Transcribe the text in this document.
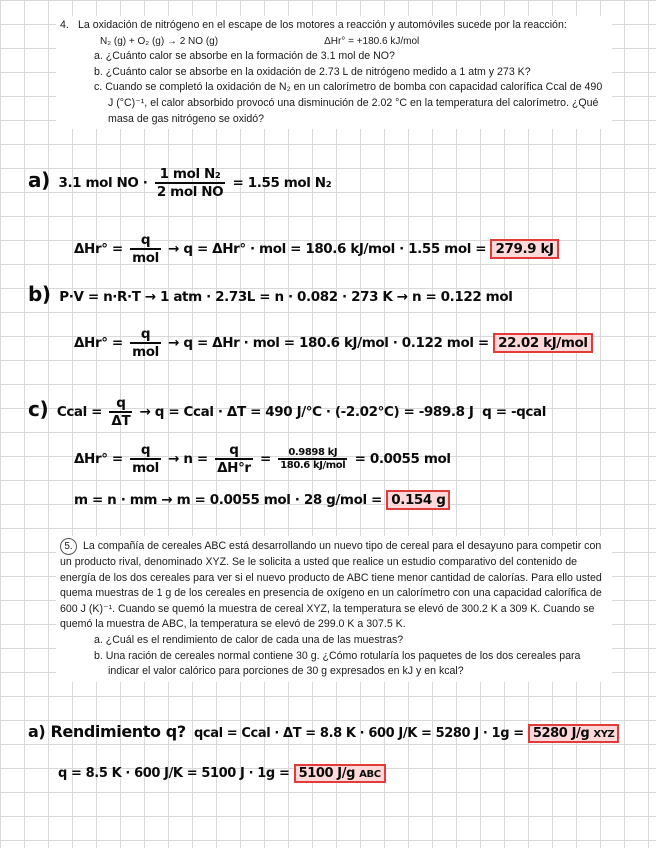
4. La oxidación de nitrógeno en el escape de los motores a reacción y automóviles sucede por la reacción:
N₂ (g) + O₂ (g) → 2 NO (g)	ΔHr° = +180.6 kJ/mol
a. ¿Cuánto calor se absorbe en la formación de 3.1 mol de NO?
b. ¿Cuánto calor se absorbe en la oxidación de 2.73 L de nitrógeno medido a 1 atm y 273 K?
c. Cuando se completó la oxidación de N₂ en un calorímetro de bomba con capacidad calorífica Ccal de 490 J (°C)⁻¹, el calor absorbido provocó una disminución de 2.02 °C en la temperatura del calorímetro. ¿Qué masa de gas nitrógeno se oxidó?
a) 3.1 mol NO · $\frac{\text{1 mol N₂}}{\text{2 mol NO}} = 1.55$ mol N₂
$\Delta Hr^\circ = \frac{q}{\text{mol}} \to q = \Delta Hr^\circ$ · mol = 180.6 kJ/mol · 1.55 mol = 279.9 kJ
b) P·V = n·R·T → 1 atm · 2.73L = n · 0.082 · 273 K → n = 0.122 mol
$\Delta Hr^\circ = \frac{q}{\text{mol}} \to q = \Delta Hr$ · mol = 180.6 kJ/mol · 0.122 mol = 22.02 kJ/mol
c) Ccal = $\frac{q}{\Delta T} \to q$ = Ccal · ΔT = 490 J/°C · (-2.02°C) = -989.8 J q = -qcal
$\Delta Hr^\circ = \frac{q}{\text{mol}} \to n = \frac{q}{\Delta H^\circ r} = \frac{0.9898 kJ}{\text{180.6 kJ/mol}} = 0.0055$ mol
m = n · mm → m = 0.0055 mol · 28 g/mol = 0.154 g
5. La compañía de cereales ABC está desarrollando un nuevo tipo de cereal para el desayuno para competir con un producto rival, denominado XYZ. Se le solicita a usted que realice un estudio comparativo del contenido de energía de los dos cereales para ver si el nuevo producto de ABC tiene menor cantidad de calorías. Para ello usted quema muestras de 1 g de los cereales en presencia de oxígeno en un calorímetro con una capacidad calorífica de 600 J (K)⁻¹. Cuando se quemó la muestra de cereal XYZ, la temperatura se elevó de 300.2 K a 309 K. Cuando se quemó la muestra de ABC, la temperatura se elevó de 299.0 K a 307.5 K.
a. ¿Cuál es el rendimiento de calor de cada una de las muestras?
b. Una ración de cereales normal contiene 30 g. ¿Cómo rotularía los paquetes de los dos cereales para indicar el valor calórico para porciones de 30 g expresados en kJ y en kcal?
a) Rendimiento q? qcal = Ccal · ΔT = 8.8 K · 600 J/K = 5280 J · 1g = 5280 J/g XYZ
q = 8.5 K · 600 J/K = 5100 J · 1g = 5100 J/g ABC
